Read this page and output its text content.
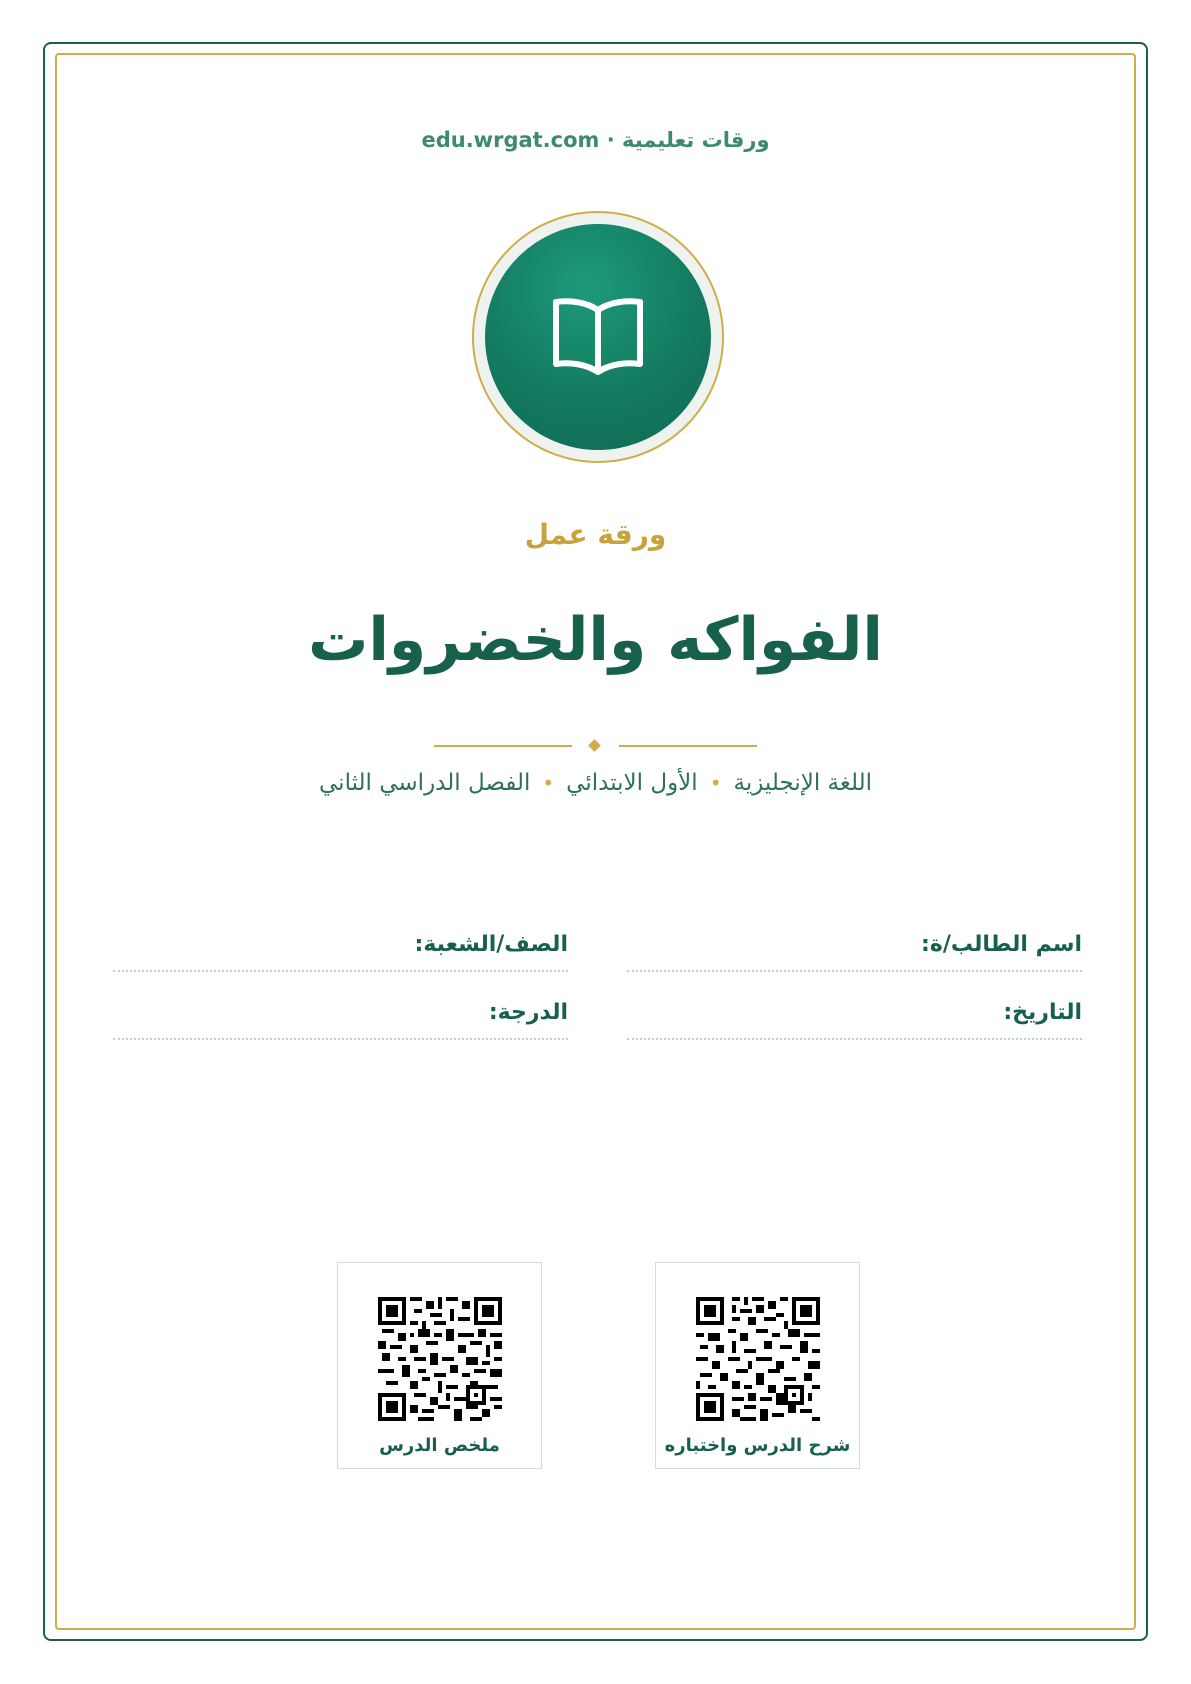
edu.wrgat.com · ورقات تعليمية
ورقة عمل
الفواكه والخضروات
اللغة الإنجليزية•الأول الابتدائي•الفصل الدراسي الثاني
اسم الطالب/ة:
الصف/الشعبة:
التاريخ:
الدرجة:
شرح الدرس واختباره
ملخص الدرس
